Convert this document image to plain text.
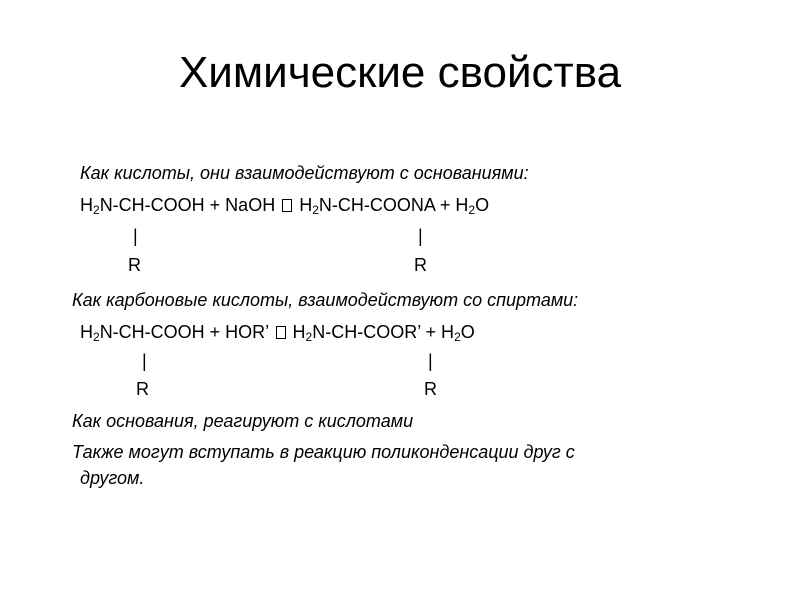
Химические свойства
Как кислоты, они взаимодействуют с основаниями:
$H_2N-CH$-COOH + NaOH  $H_2N-CH$-COONA + $H_2O$
|	|
R	R
Как карбоновые кислоты, взаимодействуют со спиртами:
$H_2N-CH$-COOH + HOR’  $H_2N-CH$-COOR’ + $H_2O$
|	|
R	R
Как основания, реагируют с кислотами
Также могут вступать в реакцию поликонденсации друг с
другом.
